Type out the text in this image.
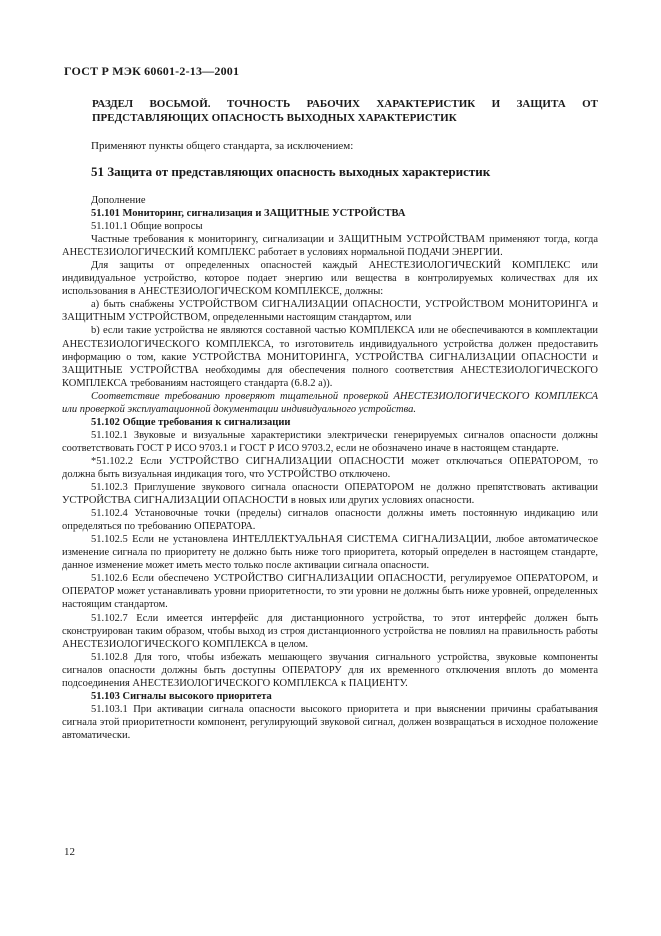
ГОСТ Р МЭК 60601-2-13—2001
РАЗДЕЛ ВОСЬМОЙ. ТОЧНОСТЬ РАБОЧИХ ХАРАКТЕРИСТИК И ЗАЩИТА ОТ ПРЕДСТАВЛЯЮЩИХ ОПАСНОСТЬ ВЫХОДНЫХ ХАРАКТЕРИСТИК
Применяют пункты общего стандарта, за исключением:
51 Защита от представляющих опасность выходных характеристик

Дополнение

51.101 Мониторинг, сигнализация и ЗАЩИТНЫЕ УСТРОЙСТВА

51.101.1 Общие вопросы

Частные требования к мониторингу, сигнализации и ЗАЩИТНЫМ УСТРОЙСТВАМ применяют тогда, когда АНЕСТЕЗИОЛОГИЧЕСКИЙ КОМПЛЕКС работает в условиях нормальной ПОДАЧИ ЭНЕРГИИ.

Для защиты от определенных опасностей каждый АНЕСТЕЗИОЛОГИЧЕСКИЙ КОМПЛЕКС или индивидуальное устройство, которое подает энергию или вещества в контролируемых количествах для их использования в АНЕСТЕЗИОЛОГИЧЕСКОМ КОМПЛЕКСЕ, должны:

а) быть снабжены УСТРОЙСТВОМ СИГНАЛИЗАЦИИ ОПАСНОСТИ, УСТРОЙСТВОМ МОНИТОРИНГА и ЗАЩИТНЫМ УСТРОЙСТВОМ, определенными настоящим стандартом, или

b) если такие устройства не являются составной частью КОМПЛЕКСА или не обеспечиваются в комплектации АНЕСТЕЗИОЛОГИЧЕСКОГО КОМПЛЕКСА, то изготовитель индивидуального устройства должен предоставить информацию о том, какие УСТРОЙСТВА МОНИТОРИНГА, УСТРОЙСТВА СИГНАЛИЗАЦИИ ОПАСНОСТИ и ЗАЩИТНЫЕ УСТРОЙСТВА необходимы для обеспечения полного соответствия АНЕСТЕЗИОЛОГИЧЕСКОГО КОМПЛЕКСА требованиям настоящего стандарта (6.8.2 а)).

Соответствие требованию проверяют тщательной проверкой АНЕСТЕЗИОЛОГИЧЕСКОГО КОМПЛЕКСА или проверкой эксплуатационной документации индивидуального устройства.

51.102 Общие требования к сигнализации

51.102.1 Звуковые и визуальные характеристики электрически генерируемых сигналов опасности должны соответствовать ГОСТ Р ИСО 9703.1 и ГОСТ Р ИСО 9703.2, если не обозначено иначе в настоящем стандарте.

*51.102.2 Если УСТРОЙСТВО СИГНАЛИЗАЦИИ ОПАСНОСТИ может отключаться ОПЕРАТОРОМ, то должна быть визуальная индикация того, что УСТРОЙСТВО отключено.

51.102.3 Приглушение звукового сигнала опасности ОПЕРАТОРОМ не должно препятствовать активации УСТРОЙСТВА СИГНАЛИЗАЦИИ ОПАСНОСТИ в новых или других условиях опасности.

51.102.4 Установочные точки (пределы) сигналов опасности должны иметь постоянную индикацию или определяться по требованию ОПЕРАТОРА.

51.102.5 Если не установлена ИНТЕЛЛЕКТУАЛЬНАЯ СИСТЕМА СИГНАЛИЗАЦИИ, любое автоматическое изменение сигнала по приоритету не должно быть ниже того приоритета, который определен в настоящем стандарте, данное изменение может иметь место только после активации сигнала опасности.

51.102.6 Если обеспечено УСТРОЙСТВО СИГНАЛИЗАЦИИ ОПАСНОСТИ, регулируемое ОПЕРАТОРОМ, и ОПЕРАТОР может устанавливать уровни приоритетности, то эти уровни не должны быть ниже уровней, определенных настоящим стандартом.

51.102.7 Если имеется интерфейс для дистанционного устройства, то этот интерфейс должен быть сконструирован таким образом, чтобы выход из строя дистанционного устройства не повлиял на правильность работы АНЕСТЕЗИОЛОГИЧЕСКОГО КОМПЛЕКСА в целом.

51.102.8 Для того, чтобы избежать мешающего звучания сигнального устройства, звуковые компоненты сигналов опасности должны быть доступны ОПЕРАТОРУ для их временного отключения вплоть до момента подсоединения АНЕСТЕЗИОЛОГИЧЕСКОГО КОМПЛЕКСА к ПАЦИЕНТУ.

51.103 Сигналы высокого приоритета

51.103.1 При активации сигнала опасности высокого приоритета и при выяснении причины срабатывания сигнала этой приоритетности компонент, регулирующий звуковой сигнал, должен возвращаться в исходное положение автоматически.

12
